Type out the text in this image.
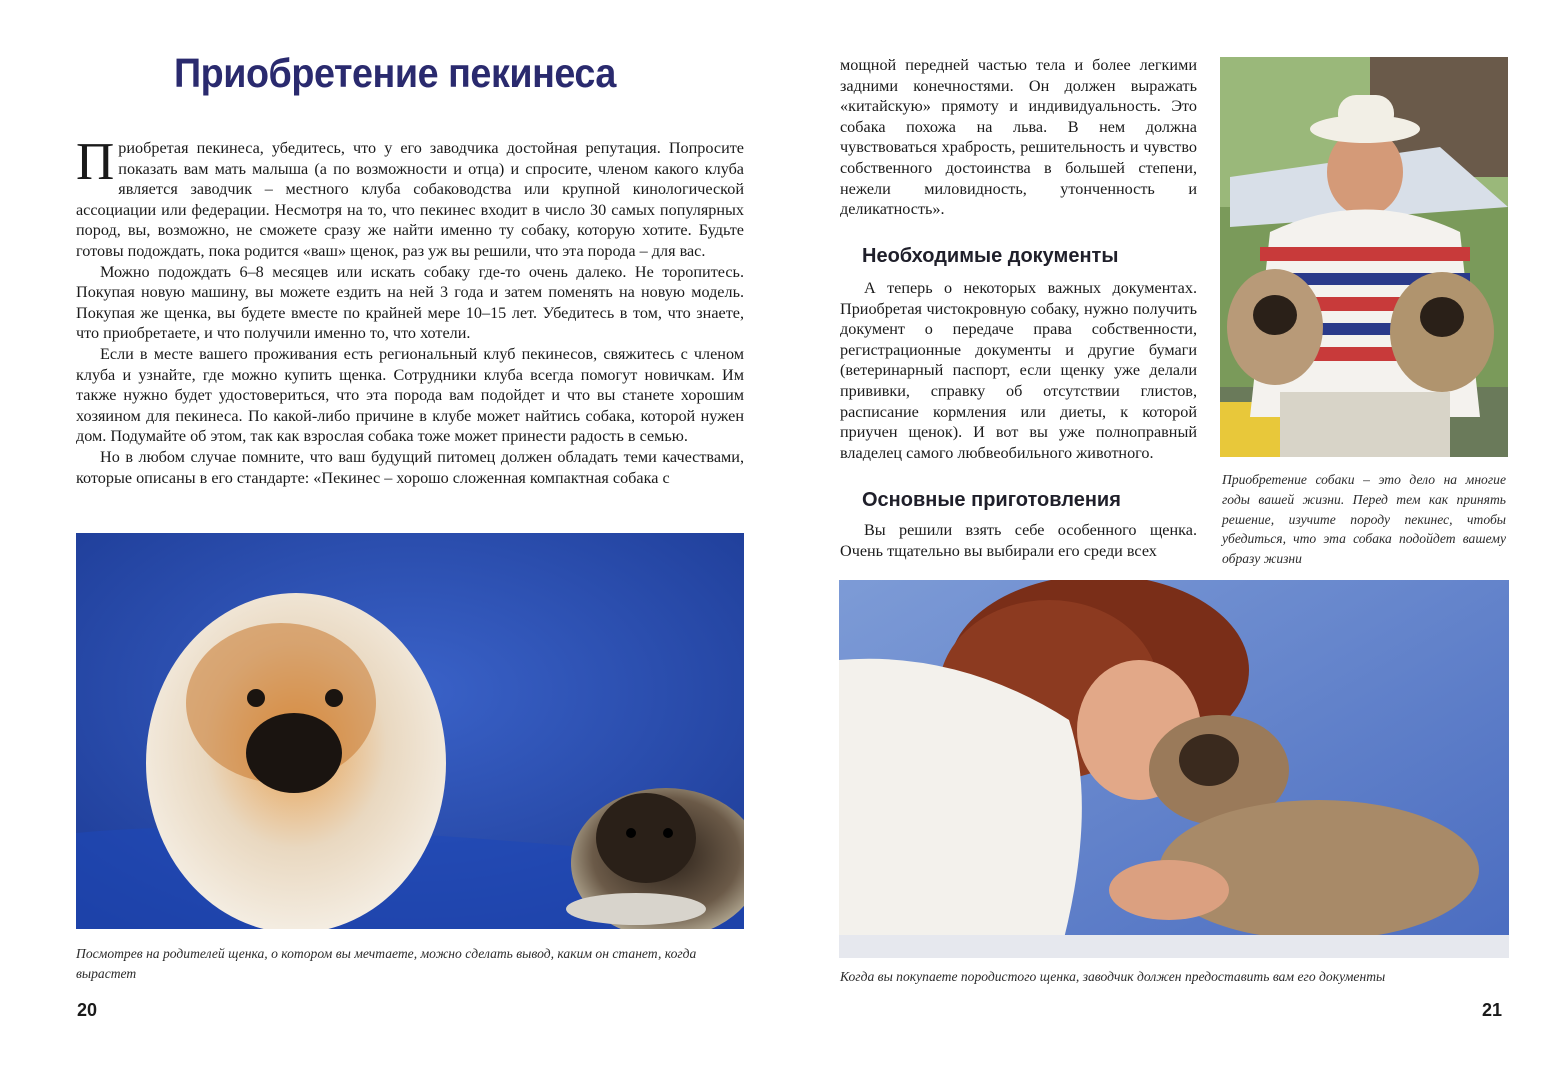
Приобретение пекинеса

Приобретая пекинеса, убедитесь, что у его заводчика достойная репутация. Попросите показать вам мать малыша (а по возможности и отца) и спросите, членом какого клуба является заводчик – местного клуба собаководства или крупной кинологической ассоциации или федерации. Несмотря на то, что пекинес входит в число 30 самых популярных пород, вы, возможно, не сможете сразу же найти именно ту собаку, которую хотите. Будьте готовы подождать, пока родится «ваш» щенок, раз уж вы решили, что эта порода – для вас.

Можно подождать 6–8 месяцев или искать собаку где-то очень далеко. Не торопитесь. Покупая новую машину, вы можете ездить на ней 3 года и затем поменять на новую модель. Покупая же щенка, вы будете вместе по крайней мере 10–15 лет. Убедитесь в том, что знаете, что приобретаете, и что получили именно то, что хотели.

Если в месте вашего проживания есть региональный клуб пекинесов, свяжитесь с членом клуба и узнайте, где можно купить щенка. Сотрудники клуба всегда помогут новичкам. Им также нужно будет удостовериться, что эта порода вам подойдет и что вы станете хорошим хозяином для пекинеса. По какой-либо причине в клубе может найтись собака, которой нужен дом. Подумайте об этом, так как взрослая собака тоже может принести радость в семью.

Но в любом случае помните, что ваш будущий питомец должен обладать теми качествами, которые описаны в его стандарте: «Пекинес – хорошо сложенная компактная собака с

Посмотрев на родителей щенка, о котором вы мечтаете, можно сделать вывод, каким он станет, когда вырастет

20

мощной передней частью тела и более легкими задними конечностями. Он должен выражать «китайскую» прямоту и индивидуальность. Это собака похожа на льва. В нем должна чувствоваться храбрость, решительность и чувство собственного достоинства в большей степени, нежели миловидность, утонченность и деликатность».

Необходимые документы

А теперь о некоторых важных документах. Приобретая чистокровную собаку, нужно получить документ о передаче права собственности, регистрационные документы и другие бумаги (ветеринарный паспорт, если щенку уже делали прививки, справку об отсутствии глистов, расписание кормления или диеты, к которой приучен щенок). И вот вы уже полноправный владелец самого любвеобильного животного.

Основные приготовления

Вы решили взять себе особенного щенка. Очень тщательно вы выбирали его среди всех

Приобретение собаки – это дело на многие годы вашей жизни. Перед тем как принять решение, изучите породу пекинес, чтобы убедиться, что эта собака подойдет вашему образу жизни

Когда вы покупаете породистого щенка, заводчик должен предоставить вам его документы

21
